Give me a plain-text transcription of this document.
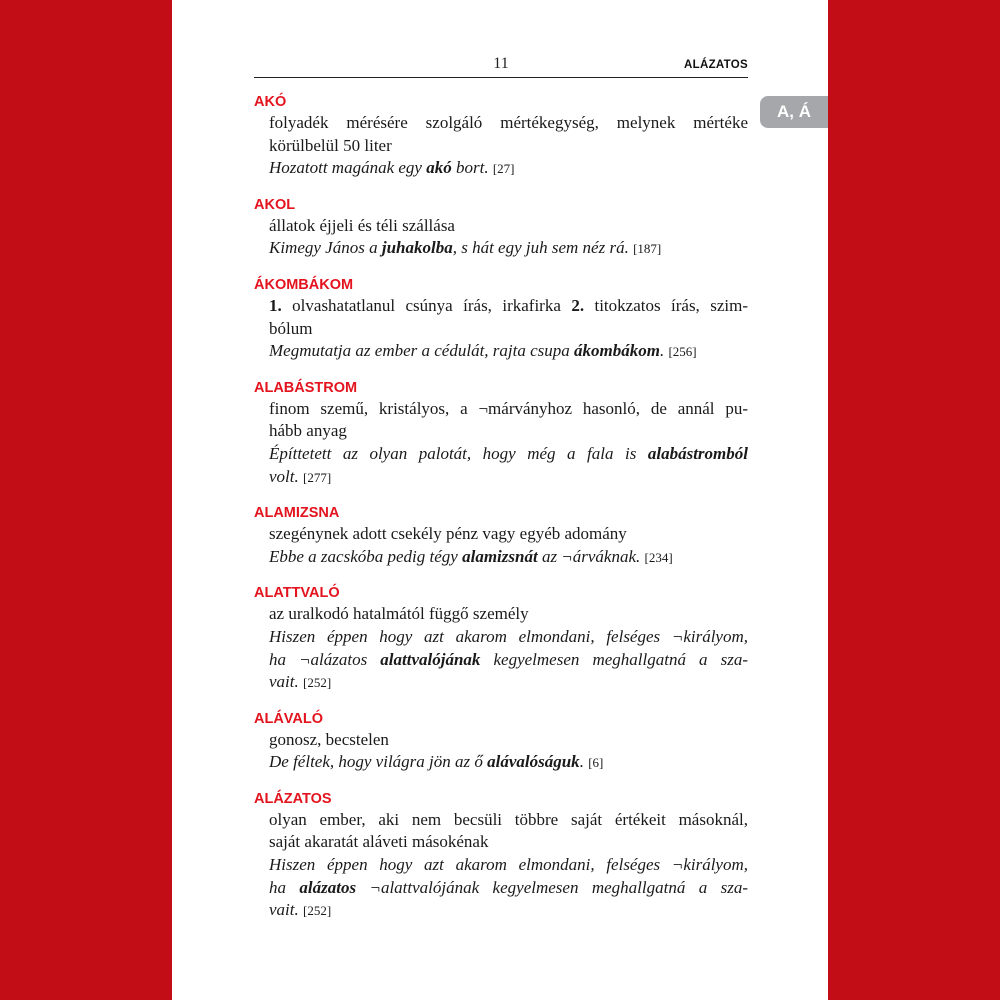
11	ALÁZATOS
A, Á
AKÓ
folyadék mérésére szolgáló mértékegység, melynek mértéke
körülbelül 50 liter
Hozatott magának egy akó bort. [27]
AKOL
állatok éjjeli és téli szállása
Kimegy János a juhakolba, s hát egy juh sem néz rá. [187]
ÁKOMBÁKOM
1. olvashatatlanul csúnya írás, irkafirka 2. titokzatos írás, szim-
bólum
Megmutatja az ember a cédulát, rajta csupa ákombákom. [256]
ALABÁSTROM
finom szemű, kristályos, a ¬márványhoz hasonló, de annál pu-
hább anyag
Építtetett az olyan palotát, hogy még a fala is alabástromból
volt. [277]
ALAMIZSNA
szegénynek adott csekély pénz vagy egyéb adomány
Ebbe a zacskóba pedig tégy alamizsnát az ¬árváknak. [234]
ALATTVALÓ
az uralkodó hatalmától függő személy
Hiszen éppen hogy azt akarom elmondani, felséges ¬királyom,
ha ¬alázatos alattvalójának kegyelmesen meghallgatná a sza-
vait. [252]
ALÁVALÓ
gonosz, becstelen
De féltek, hogy világra jön az ő alávalóságuk. [6]
ALÁZATOS
olyan ember, aki nem becsüli többre saját értékeit másoknál,
saját akaratát aláveti másokénak
Hiszen éppen hogy azt akarom elmondani, felséges ¬királyom,
ha alázatos ¬alattvalójának kegyelmesen meghallgatná a sza-
vait. [252]
